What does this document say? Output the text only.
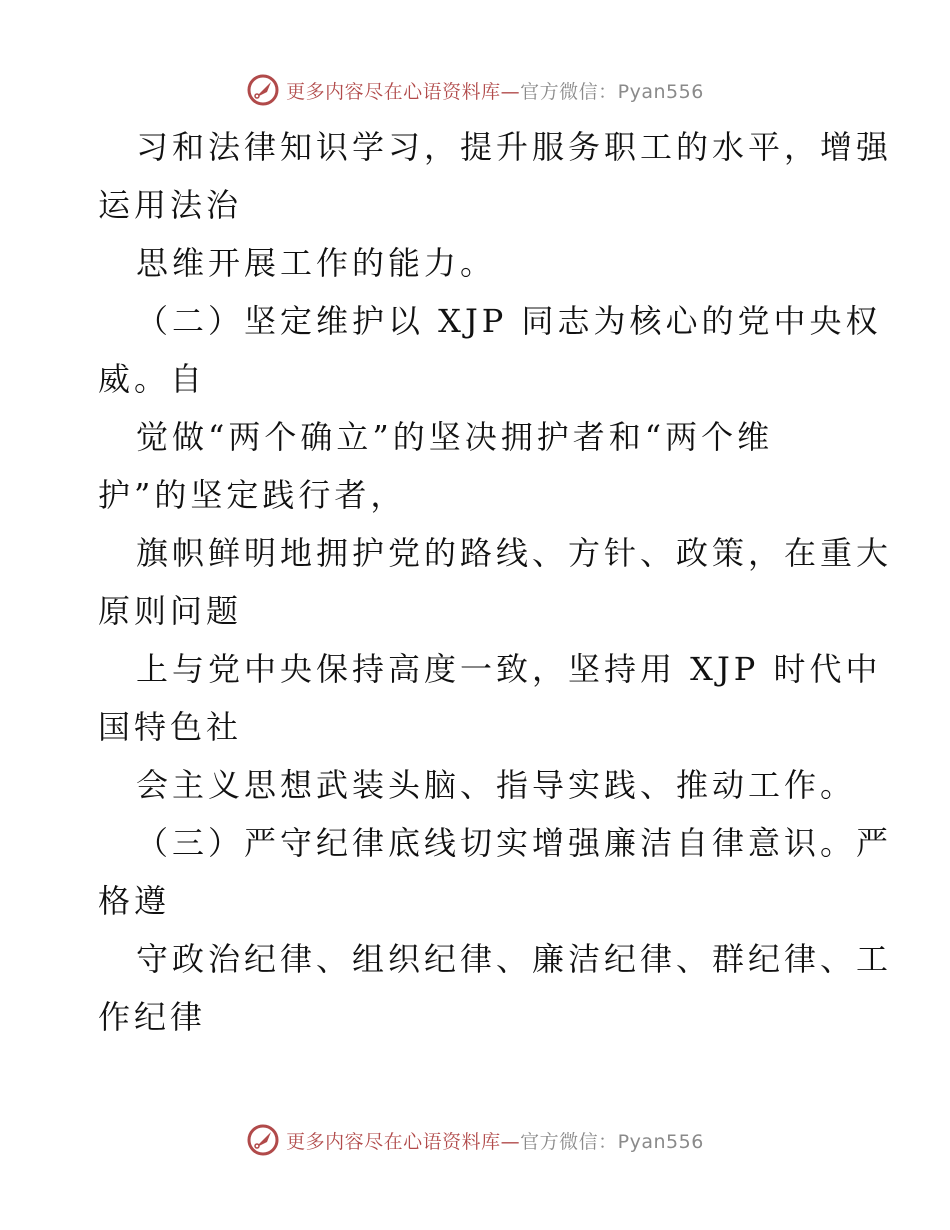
更多内容尽在心语资料库—官方微信：Pyan556
习和法律知识学习，提升服务职工的水平，增强
运用法治
思维开展工作的能力。
（二）坚定维护以 XJP 同志为核心的党中央权
威。自
觉做“两个确立”的坚决拥护者和“两个维
护”的坚定践行者，
旗帜鲜明地拥护党的路线、方针、政策，在重大
原则问题
上与党中央保持高度一致，坚持用 XJP 时代中
国特色社
会主义思想武装头脑、指导实践、推动工作。
（三）严守纪律底线切实增强廉洁自律意识。严
格遵
守政治纪律、组织纪律、廉洁纪律、群纪律、工
作纪律
更多内容尽在心语资料库—官方微信：Pyan556
